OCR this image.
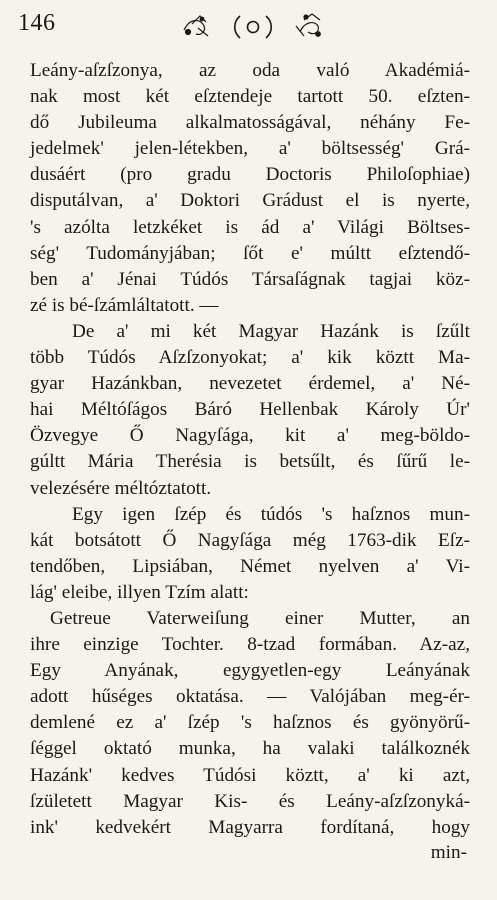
146
Leány-aſzſzonya, az oda való Akadémiá-
nak most két eſztendeje tartott 50. eſzten-
dő Jubileuma alkalmatosságával, néhány Fe-
jedelmek' jelen-létekben, a' böltsesség' Grá-
dusáért (pro gradu Doctoris Philoſophiae)
disputálvan, a' Doktori Grádust el is nyerte,
's azólta letzkéket is ád a' Világi Böltses-
ség' Tudományjában; ſőt e' múltt eſztendő-
ben a' Jénai Túdós Társaſágnak tagjai köz-
zé is bé-ſzámláltatott. —
De a' mi két Magyar Hazánk is ſzűlt
több Túdós Aſzſzonyokat; a' kik köztt Ma-
gyar Hazánkban, nevezetet érdemel, a' Né-
hai Méltóſágos Báró Hellenbak Károly Úr'
Özvegye Ő Nagyſága, kit a' meg-böldo-
gúltt Mária Therésia is betsűlt, és ſűrű le-
velezésére méltóztatott.
Egy igen ſzép és túdós 's haſznos mun-
kát botsátott Ő Nagyſága még 1763-dik Eſz-
tendőben, Lipsiában, Német nyelven a' Vi-
lág' eleibe, illyen Tzím alatt:
Getreue Vaterweiſung einer Mutter, an
ihre einzige Tochter. 8-tzad formában. Az-az,
Egy Anyának, egygyetlen-egy Leányának
adott hűséges oktatása. — Valójában meg-ér-
demlené ez a' ſzép 's haſznos és gyönyörű-
ſéggel oktató munka, ha valaki találkoznék
Hazánk' kedves Túdósi köztt, a' ki azt,
ſzületett Magyar Kis- és Leány-aſzſzonyká-
ink' kedvekért Magyarra fordítaná, hogy
min-
